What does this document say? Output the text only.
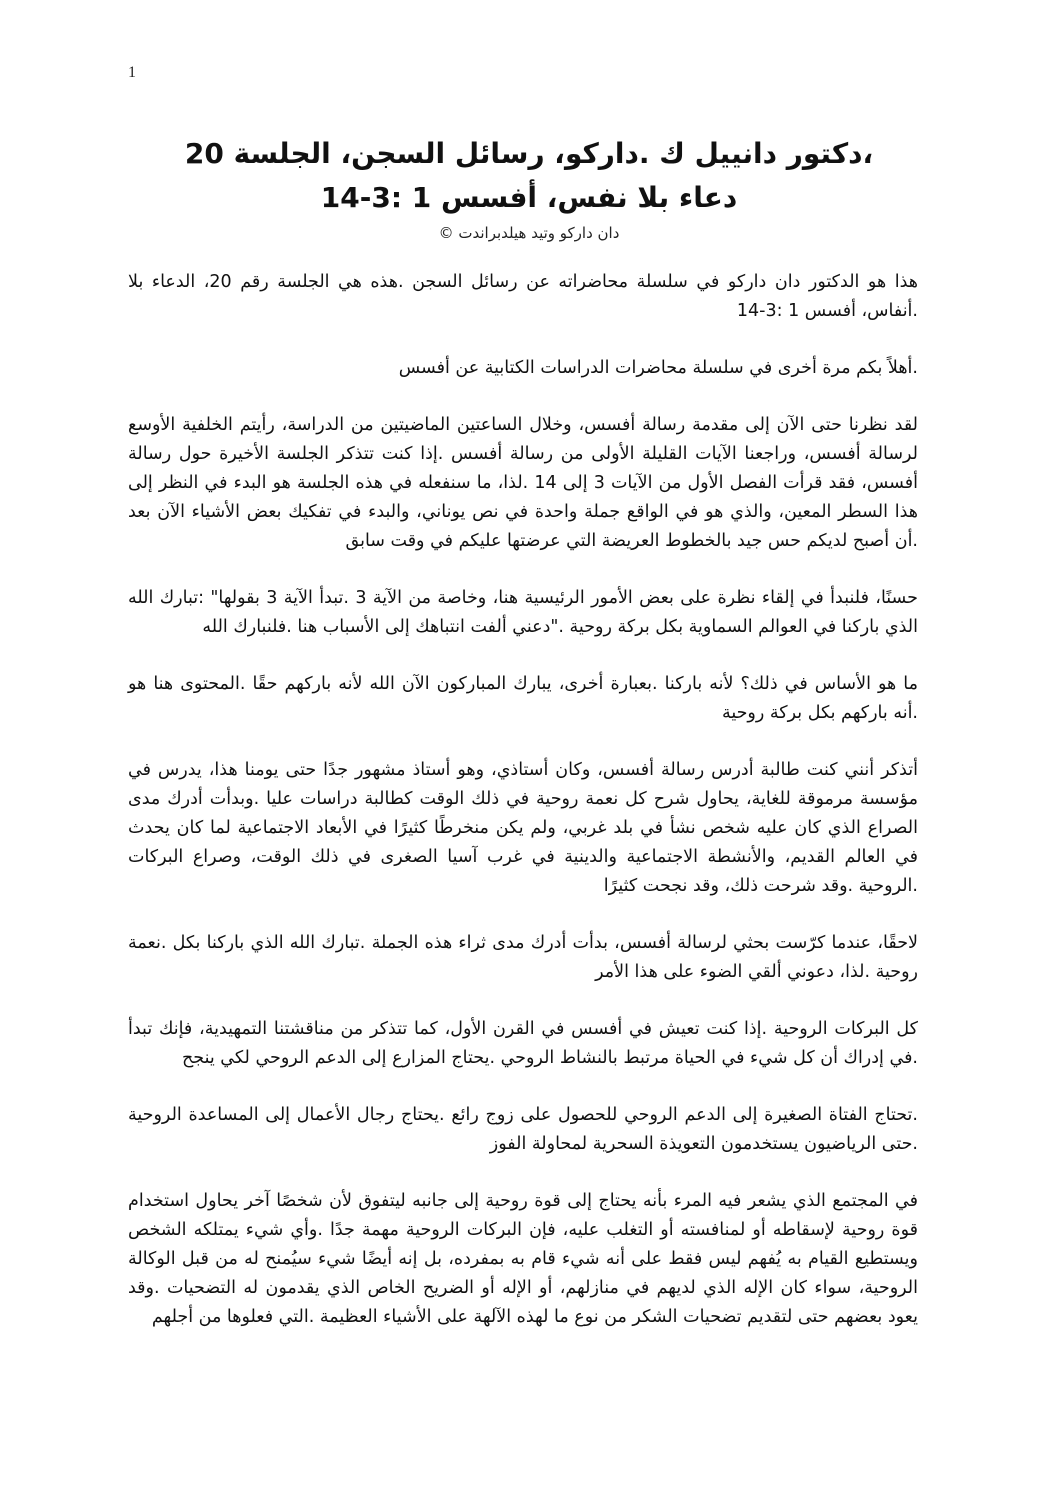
1
،دكتور دانييل ك .داركو، رسائل السجن، الجلسة 20
دعاء بلا نفس، أفسس 1 :3-14
دان داركو وتيد هيلدبراندت ©

هذا هو الدكتور دان داركو في سلسلة محاضراته عن رسائل السجن .هذه هي الجلسة رقم 20، الدعاء بلا .أنفاس، أفسس 1 :3-14

.أهلاً بكم مرة أخرى في سلسلة محاضرات الدراسات الكتابية عن أفسس

لقد نظرنا حتى الآن إلى مقدمة رسالة أفسس، وخلال الساعتين الماضيتين من الدراسة، رأيتم الخلفية الأوسع لرسالة أفسس، وراجعنا الآيات القليلة الأولى من رسالة أفسس .إذا كنت تتذكر الجلسة الأخيرة حول رسالة أفسس، فقد قرأت الفصل الأول من الآيات 3 إلى 14 .لذا، ما سنفعله في هذه الجلسة هو البدء في النظر إلى هذا السطر المعين، والذي هو في الواقع جملة واحدة في نص يوناني، والبدء في تفكيك بعض الأشياء الآن بعد .أن أصبح لديكم حس جيد بالخطوط العريضة التي عرضتها عليكم في وقت سابق

حسنًا، فلنبدأ في إلقاء نظرة على بعض الأمور الرئيسية هنا، وخاصة من الآية 3 .تبدأ الآية 3 بقولها" :تبارك الله الذي باركنا في العوالم السماوية بكل بركة روحية ."دعني ألفت انتباهك إلى الأسباب هنا .فلنبارك الله

ما هو الأساس في ذلك؟ لأنه باركنا .بعبارة أخرى، يبارك المباركون الآن الله لأنه باركهم حقًا .المحتوى هنا هو .أنه باركهم بكل بركة روحية

أتذكر أنني كنت طالبة أدرس رسالة أفسس، وكان أستاذي، وهو أستاذ مشهور جدًا حتى يومنا هذا، يدرس في مؤسسة مرموقة للغاية، يحاول شرح كل نعمة روحية في ذلك الوقت كطالبة دراسات عليا .وبدأت أدرك مدى الصراع الذي كان عليه شخص نشأ في بلد غربي، ولم يكن منخرطًا كثيرًا في الأبعاد الاجتماعية لما كان يحدث في العالم القديم، والأنشطة الاجتماعية والدينية في غرب آسيا الصغرى في ذلك الوقت، وصراع البركات .الروحية .وقد شرحت ذلك، وقد نجحت كثيرًا

لاحقًا، عندما كرّست بحثي لرسالة أفسس، بدأت أدرك مدى ثراء هذه الجملة .تبارك الله الذي باركنا بكل .نعمة روحية .لذا، دعوني ألقي الضوء على هذا الأمر

كل البركات الروحية .إذا كنت تعيش في أفسس في القرن الأول، كما تتذكر من مناقشتنا التمهيدية، فإنك تبدأ .في إدراك أن كل شيء في الحياة مرتبط بالنشاط الروحي .يحتاج المزارع إلى الدعم الروحي لكي ينجح

.تحتاج الفتاة الصغيرة إلى الدعم الروحي للحصول على زوج رائع .يحتاج رجال الأعمال إلى المساعدة الروحية .حتى الرياضيون يستخدمون التعويذة السحرية لمحاولة الفوز

في المجتمع الذي يشعر فيه المرء بأنه يحتاج إلى قوة روحية إلى جانبه ليتفوق لأن شخصًا آخر يحاول استخدام قوة روحية لإسقاطه أو لمنافسته أو التغلب عليه، فإن البركات الروحية مهمة جدًا .وأي شيء يمتلكه الشخص ويستطيع القيام به يُفهم ليس فقط على أنه شيء قام به بمفرده، بل إنه أيضًا شيء سيُمنح له من قبل الوكالة الروحية، سواء كان الإله الذي لديهم في منازلهم، أو الإله أو الضريح الخاص الذي يقدمون له التضحيات .وقد يعود بعضهم حتى لتقديم تضحيات الشكر من نوع ما لهذه الآلهة على الأشياء العظيمة .التي فعلوها من أجلهم
